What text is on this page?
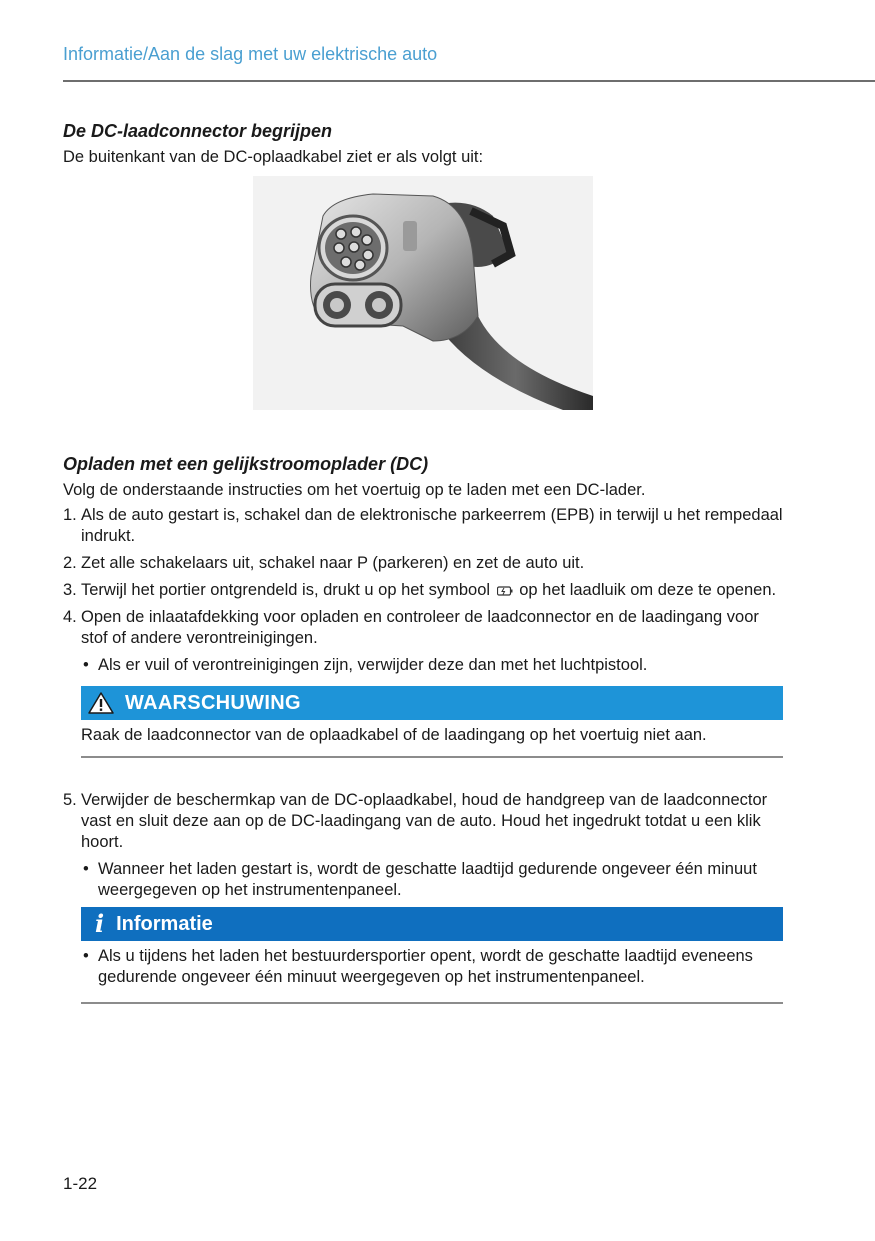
Informatie/Aan de slag met uw elektrische auto
De DC-laadconnector begrijpen

De buitenkant van de DC-oplaadkabel ziet er als volgt uit:

Opladen met een gelijkstroomoplader (DC)

Volg de onderstaande instructies om het voertuig op te laden met een DC-lader.

1. Als de auto gestart is, schakel dan de elektronische parkeerrem (EPB) in terwijl u het rempedaal indrukt.
2. Zet alle schakelaars uit, schakel naar P (parkeren) en zet de auto uit.
3. Terwijl het portier ontgrendeld is, drukt u op het symbool op het laadluik om deze te openen.
4. Open de inlaatafdekking voor opladen en controleer de laadconnector en de laadingang voor stof of andere verontreinigingen.
• Als er vuil of verontreinigingen zijn, verwijder deze dan met het luchtpistool.
WAARSCHUWING
Raak de laadconnector van de oplaadkabel of de laadingang op het voertuig niet aan.
5. Verwijder de beschermkap van de DC-oplaadkabel, houd de handgreep van de laadconnector vast en sluit deze aan op de DC-laadingang van de auto. Houd het ingedrukt totdat u een klik hoort.
• Wanneer het laden gestart is, wordt de geschatte laadtijd gedurende ongeveer één minuut weergegeven op het instrumentenpaneel.
i Informatie
• Als u tijdens het laden het bestuurdersportier opent, wordt de geschatte laadtijd eveneens gedurende ongeveer één minuut weergegeven op het instrumentenpaneel.
1-22
